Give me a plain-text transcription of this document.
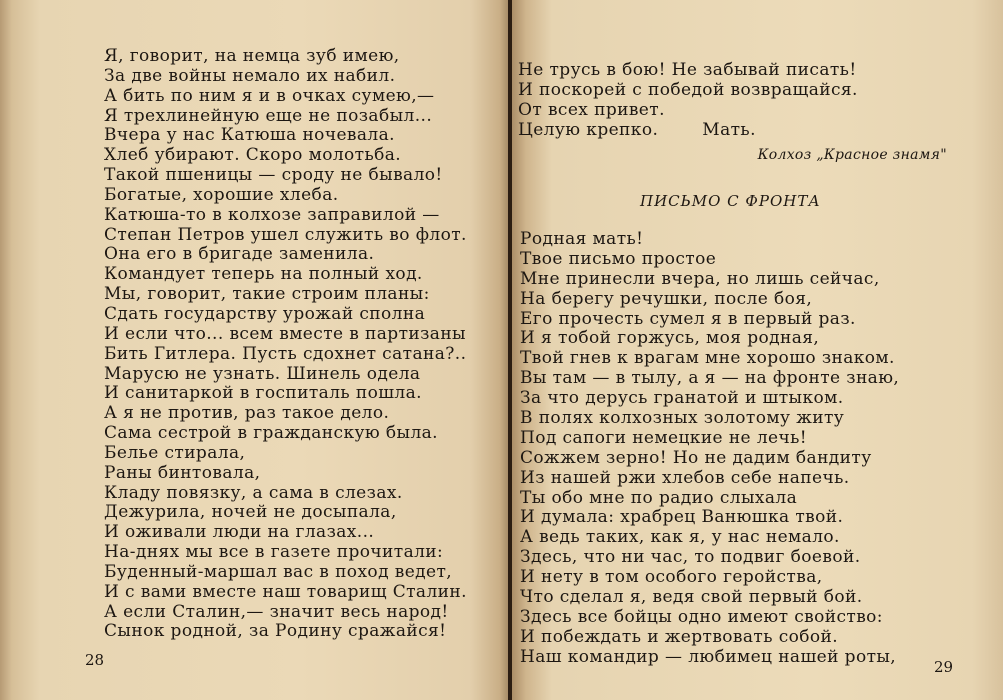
Я, говорит, на немца зуб имею,
За две войны немало их набил.
А бить по ним я и в очках сумею,—
Я трехлинейную еще не позабыл...
Вчера у нас Катюша ночевала.
Хлеб убирают. Скоро молотьба.
Такой пшеницы — сроду не бывало!
Богатые, хорошие хлеба.
Катюша-то в колхозе заправилой —
Степан Петров ушел служить во флот.
Она его в бригаде заменила.
Командует теперь на полный ход.
Мы, говорит, такие строим планы:
Сдать государству урожай сполна
И если что... всем вместе в партизаны
Бить Гитлера. Пусть сдохнет сатана?..
Марусю не узнать. Шинель одела
И санитаркой в госпиталь пошла.
А я не против, раз такое дело.
Сама сестрой в гражданскую была.
Белье стирала,
Раны бинтовала,
Кладу повязку, а сама в слезах.
Дежурила, ночей не досыпала,
И оживали люди на глазах...
На-днях мы все в газете прочитали:
Буденный-маршал вас в поход ведет,
И с вами вместе наш товарищ Сталин.
А если Сталин,— значит весь народ!
Сынок родной, за Родину сражайся!
28
Не трусь в бою! Не забывай писать!
И поскорей с победой возвращайся.
От всех привет.
Целую крепко.	Мать.
Колхоз „Красное знамя"
ПИСЬМО С ФРОНТА
Родная мать!
Твое письмо простое
Мне принесли вчера, но лишь сейчас,
На берегу речушки, после боя,
Его прочесть сумел я в первый раз.
И я тобой горжусь, моя родная,
Твой гнев к врагам мне хорошо знаком.
Вы там — в тылу, а я — на фронте знаю,
За что дерусь гранатой и штыком.
В полях колхозных золотому житу
Под сапоги немецкие не лечь!
Сожжем зерно! Но не дадим бандиту
Из нашей ржи хлебов себе напечь.
Ты обо мне по радио слыхала
И думала: храбрец Ванюшка твой.
А ведь таких, как я, у нас немало.
Здесь, что ни час, то подвиг боевой.
И нету в том особого геройства,
Что сделал я, ведя свой первый бой.
Здесь все бойцы одно имеют свойство:
И побеждать и жертвовать собой.
Наш командир — любимец нашей роты,
29
